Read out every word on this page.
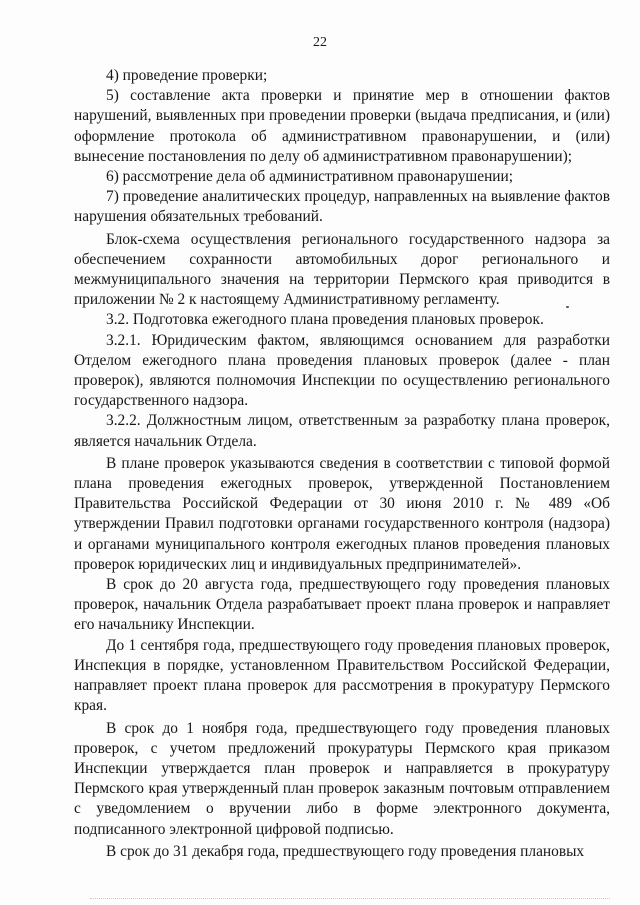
22

4) проведение проверки;

5) составление акта проверки и принятие мер в отношении фактов нарушений, выявленных при проведении проверки (выдача предписания, и (или) оформление протокола об административном правонарушении, и (или) вынесение постановления по делу об административном правонарушении);

6) рассмотрение дела об административном правонарушении;

7) проведение аналитических процедур, направленных на выявление фактов нарушения обязательных требований.

Блок-схема осуществления регионального государственного надзора за обеспечением сохранности автомобильных дорог регионального и межмуниципального значения на территории Пермского края приводится в приложении № 2 к настоящему Административному регламенту.

3.2. Подготовка ежегодного плана проведения плановых проверок.

3.2.1. Юридическим фактом, являющимся основанием для разработки Отделом ежегодного плана проведения плановых проверок (далее - план проверок), являются полномочия Инспекции по осуществлению регионального государственного надзора.

3.2.2. Должностным лицом, ответственным за разработку плана проверок, является начальник Отдела.

В плане проверок указываются сведения в соответствии с типовой формой плана проведения ежегодных проверок, утвержденной Постановлением Правительства Российской Федерации от 30 июня 2010 г. № 489 «Об утверждении Правил подготовки органами государственного контроля (надзора) и органами муниципального контроля ежегодных планов проведения плановых проверок юридических лиц и индивидуальных предпринимателей».

В срок до 20 августа года, предшествующего году проведения плановых проверок, начальник Отдела разрабатывает проект плана проверок и направляет его начальнику Инспекции.

До 1 сентября года, предшествующего году проведения плановых проверок, Инспекция в порядке, установленном Правительством Российской Федерации, направляет проект плана проверок для рассмотрения в прокуратуру Пермского края.

В срок до 1 ноября года, предшествующего году проведения плановых проверок, с учетом предложений прокуратуры Пермского края приказом Инспекции утверждается план проверок и направляется в прокуратуру Пермского края утвержденный план проверок заказным почтовым отправлением с уведомлением о вручении либо в форме электронного документа, подписанного электронной цифровой подписью.

В срок до 31 декабря года, предшествующего году проведения плановых
